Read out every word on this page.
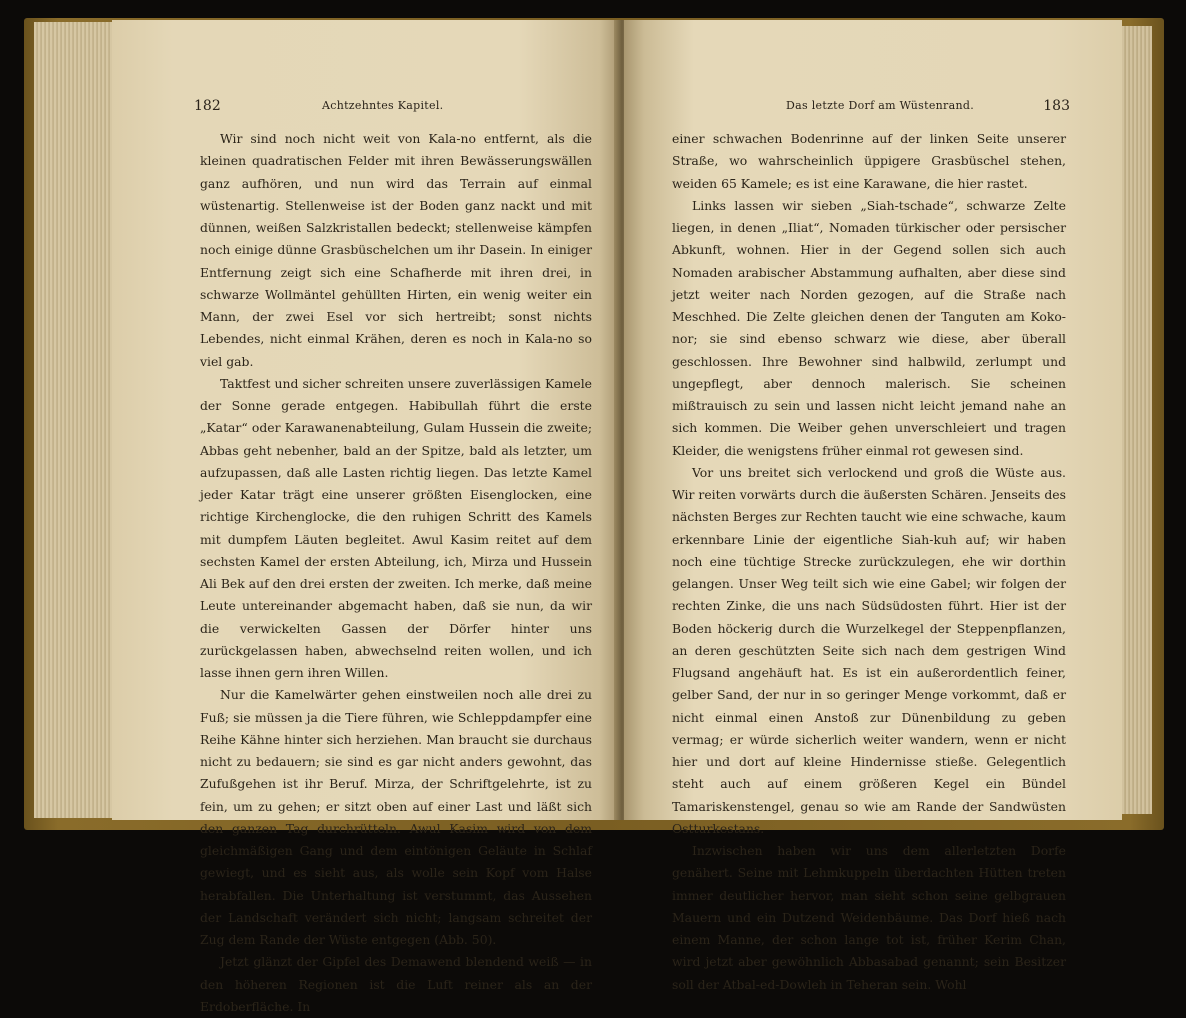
182	Achtzehntes Kapitel.

Wir sind noch nicht weit von Kala-no entfernt, als die kleinen quadratischen Felder mit ihren Bewässerungswällen ganz aufhören, und nun wird das Terrain auf einmal wüstenartig. Stellenweise ist der Boden ganz nackt und mit dünnen, weißen Salzkristallen bedeckt; stellenweise kämpfen noch einige dünne Grasbüschelchen um ihr Dasein. In einiger Entfernung zeigt sich eine Schafherde mit ihren drei, in schwarze Wollmäntel gehüllten Hirten, ein wenig weiter ein Mann, der zwei Esel vor sich hertreibt; sonst nichts Lebendes, nicht einmal Krähen, deren es noch in Kala-no so viel gab.

Taktfest und sicher schreiten unsere zuverlässigen Kamele der Sonne gerade entgegen. Habibullah führt die erste „Katar“ oder Karawanenabteilung, Gulam Hussein die zweite; Abbas geht nebenher, bald an der Spitze, bald als letzter, um aufzupassen, daß alle Lasten richtig liegen. Das letzte Kamel jeder Katar trägt eine unserer größten Eisenglocken, eine richtige Kirchenglocke, die den ruhigen Schritt des Kamels mit dumpfem Läuten begleitet. Awul Kasim reitet auf dem sechsten Kamel der ersten Abteilung, ich, Mirza und Hussein Ali Bek auf den drei ersten der zweiten. Ich merke, daß meine Leute untereinander abgemacht haben, daß sie nun, da wir die verwickelten Gassen der Dörfer hinter uns zurückgelassen haben, abwechselnd reiten wollen, und ich lasse ihnen gern ihren Willen.

Nur die Kamelwärter gehen einstweilen noch alle drei zu Fuß; sie müssen ja die Tiere führen, wie Schleppdampfer eine Reihe Kähne hinter sich herziehen. Man braucht sie durchaus nicht zu bedauern; sie sind es gar nicht anders gewohnt, das Zufußgehen ist ihr Beruf. Mirza, der Schriftgelehrte, ist zu fein, um zu gehen; er sitzt oben auf einer Last und läßt sich den ganzen Tag durchrütteln. Awul Kasim wird von dem gleichmäßigen Gang und dem eintönigen Geläute in Schlaf gewiegt, und es sieht aus, als wolle sein Kopf vom Halse herabfallen. Die Unterhaltung ist verstummt, das Aussehen der Landschaft verändert sich nicht; langsam schreitet der Zug dem Rande der Wüste entgegen (Abb. 50).

Jetzt glänzt der Gipfel des Demawend blendend weiß — in den höheren Regionen ist die Luft reiner als an der Erdoberfläche. In

Das letzte Dorf am Wüstenrand.	183

einer schwachen Bodenrinne auf der linken Seite unserer Straße, wo wahrscheinlich üppigere Grasbüschel stehen, weiden 65 Kamele; es ist eine Karawane, die hier rastet.

Links lassen wir sieben „Siah-tschade“, schwarze Zelte liegen, in denen „Iliat“, Nomaden türkischer oder persischer Abkunft, wohnen. Hier in der Gegend sollen sich auch Nomaden arabischer Abstammung aufhalten, aber diese sind jetzt weiter nach Norden gezogen, auf die Straße nach Meschhed. Die Zelte gleichen denen der Tanguten am Koko-nor; sie sind ebenso schwarz wie diese, aber überall geschlossen. Ihre Bewohner sind halbwild, zerlumpt und ungepflegt, aber dennoch malerisch. Sie scheinen mißtrauisch zu sein und lassen nicht leicht jemand nahe an sich kommen. Die Weiber gehen unverschleiert und tragen Kleider, die wenigstens früher einmal rot gewesen sind.

Vor uns breitet sich verlockend und groß die Wüste aus. Wir reiten vorwärts durch die äußersten Schären. Jenseits des nächsten Berges zur Rechten taucht wie eine schwache, kaum erkennbare Linie der eigentliche Siah-kuh auf; wir haben noch eine tüchtige Strecke zurückzulegen, ehe wir dorthin gelangen. Unser Weg teilt sich wie eine Gabel; wir folgen der rechten Zinke, die uns nach Südsüdosten führt. Hier ist der Boden höckerig durch die Wurzelkegel der Steppenpflanzen, an deren geschützten Seite sich nach dem gestrigen Wind Flugsand angehäuft hat. Es ist ein außerordentlich feiner, gelber Sand, der nur in so geringer Menge vorkommt, daß er nicht einmal einen Anstoß zur Dünenbildung zu geben vermag; er würde sicherlich weiter wandern, wenn er nicht hier und dort auf kleine Hindernisse stieße. Gelegentlich steht auch auf einem größeren Kegel ein Bündel Tamariskenstengel, genau so wie am Rande der Sandwüsten Ostturkestans.

Inzwischen haben wir uns dem allerletzten Dorfe genähert. Seine mit Lehmkuppeln überdachten Hütten treten immer deutlicher hervor, man sieht schon seine gelbgrauen Mauern und ein Dutzend Weidenbäume. Das Dorf hieß nach einem Manne, der schon lange tot ist, früher Kerim Chan, wird jetzt aber gewöhnlich Abbasabad genannt; sein Besitzer soll der Atbal-ed-Dowleh in Teheran sein. Wohl
